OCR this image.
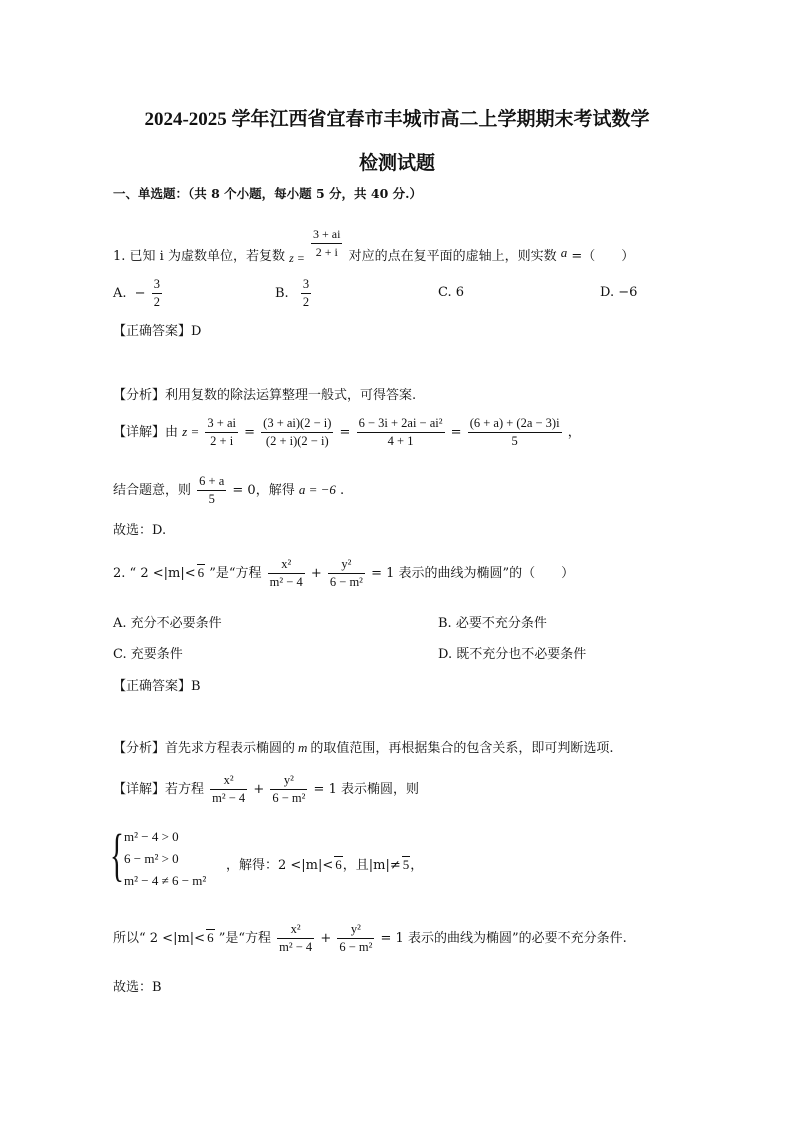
2024-2025 学年江西省宜春市丰城市高二上学期期末考试数学
检测试题
一、单选题：（共 8 个小题，每小题 5 分，共 40 分.）
1. 已知 i 为虚数单位，若复数 $z = \frac{3 + ai}{2 + i}$ 对应的点在复平面的虚轴上，则实数 a =（　　）
A. − $\frac{3}{2}$	B. $\frac{3}{2}$	C. 6	D. −6
【正确答案】D
【分析】利用复数的除法运算整理一般式，可得答案.
【详解】由 $z = \frac{3 + ai}{2 + i} = \frac{(3 + ai)(2 - i)}{(2 + i)(2 - i)} = \frac{\text{6 − 3i + 2ai − ai²}}{4 + 1} = \frac{(6 + a) + (2a - 3)i}{5}$ ，
结合题意，则 $\frac{6 + a}{5} = 0$，解得 a = −6 .
故选：D.
2. “ 2 <|m|< 6 ”是“方程 $\frac{\text{x²}}{\text{m² − 4}} + \frac{\text{y²}}{\text{6 − m²}} = 1$ 表示的曲线为椭圆”的（　　）
A. 充分不必要条件	B. 必要不充分条件
C. 充要条件	D. 既不充分也不必要条件
【正确答案】B
【分析】首先求方程表示椭圆的 m 的取值范围，再根据集合的包含关系，即可判断选项.
【详解】若方程 $\frac{\text{x²}}{\text{m² − 4}} + \frac{\text{y²}}{\text{6 − m²}} = 1$ 表示椭圆，则
{ m² − 4 > 0
6 − m² > 0
m² − 4 ≠ 6 − m²
，解得：2 <|m|< 6，且|m|≠ 5，
所以“ 2 <|m|< 6 ”是“方程 $\frac{\text{x²}}{\text{m² − 4}} + \frac{\text{y²}}{\text{6 − m²}} = 1$ 表示的曲线为椭圆”的必要不充分条件.
故选：B
